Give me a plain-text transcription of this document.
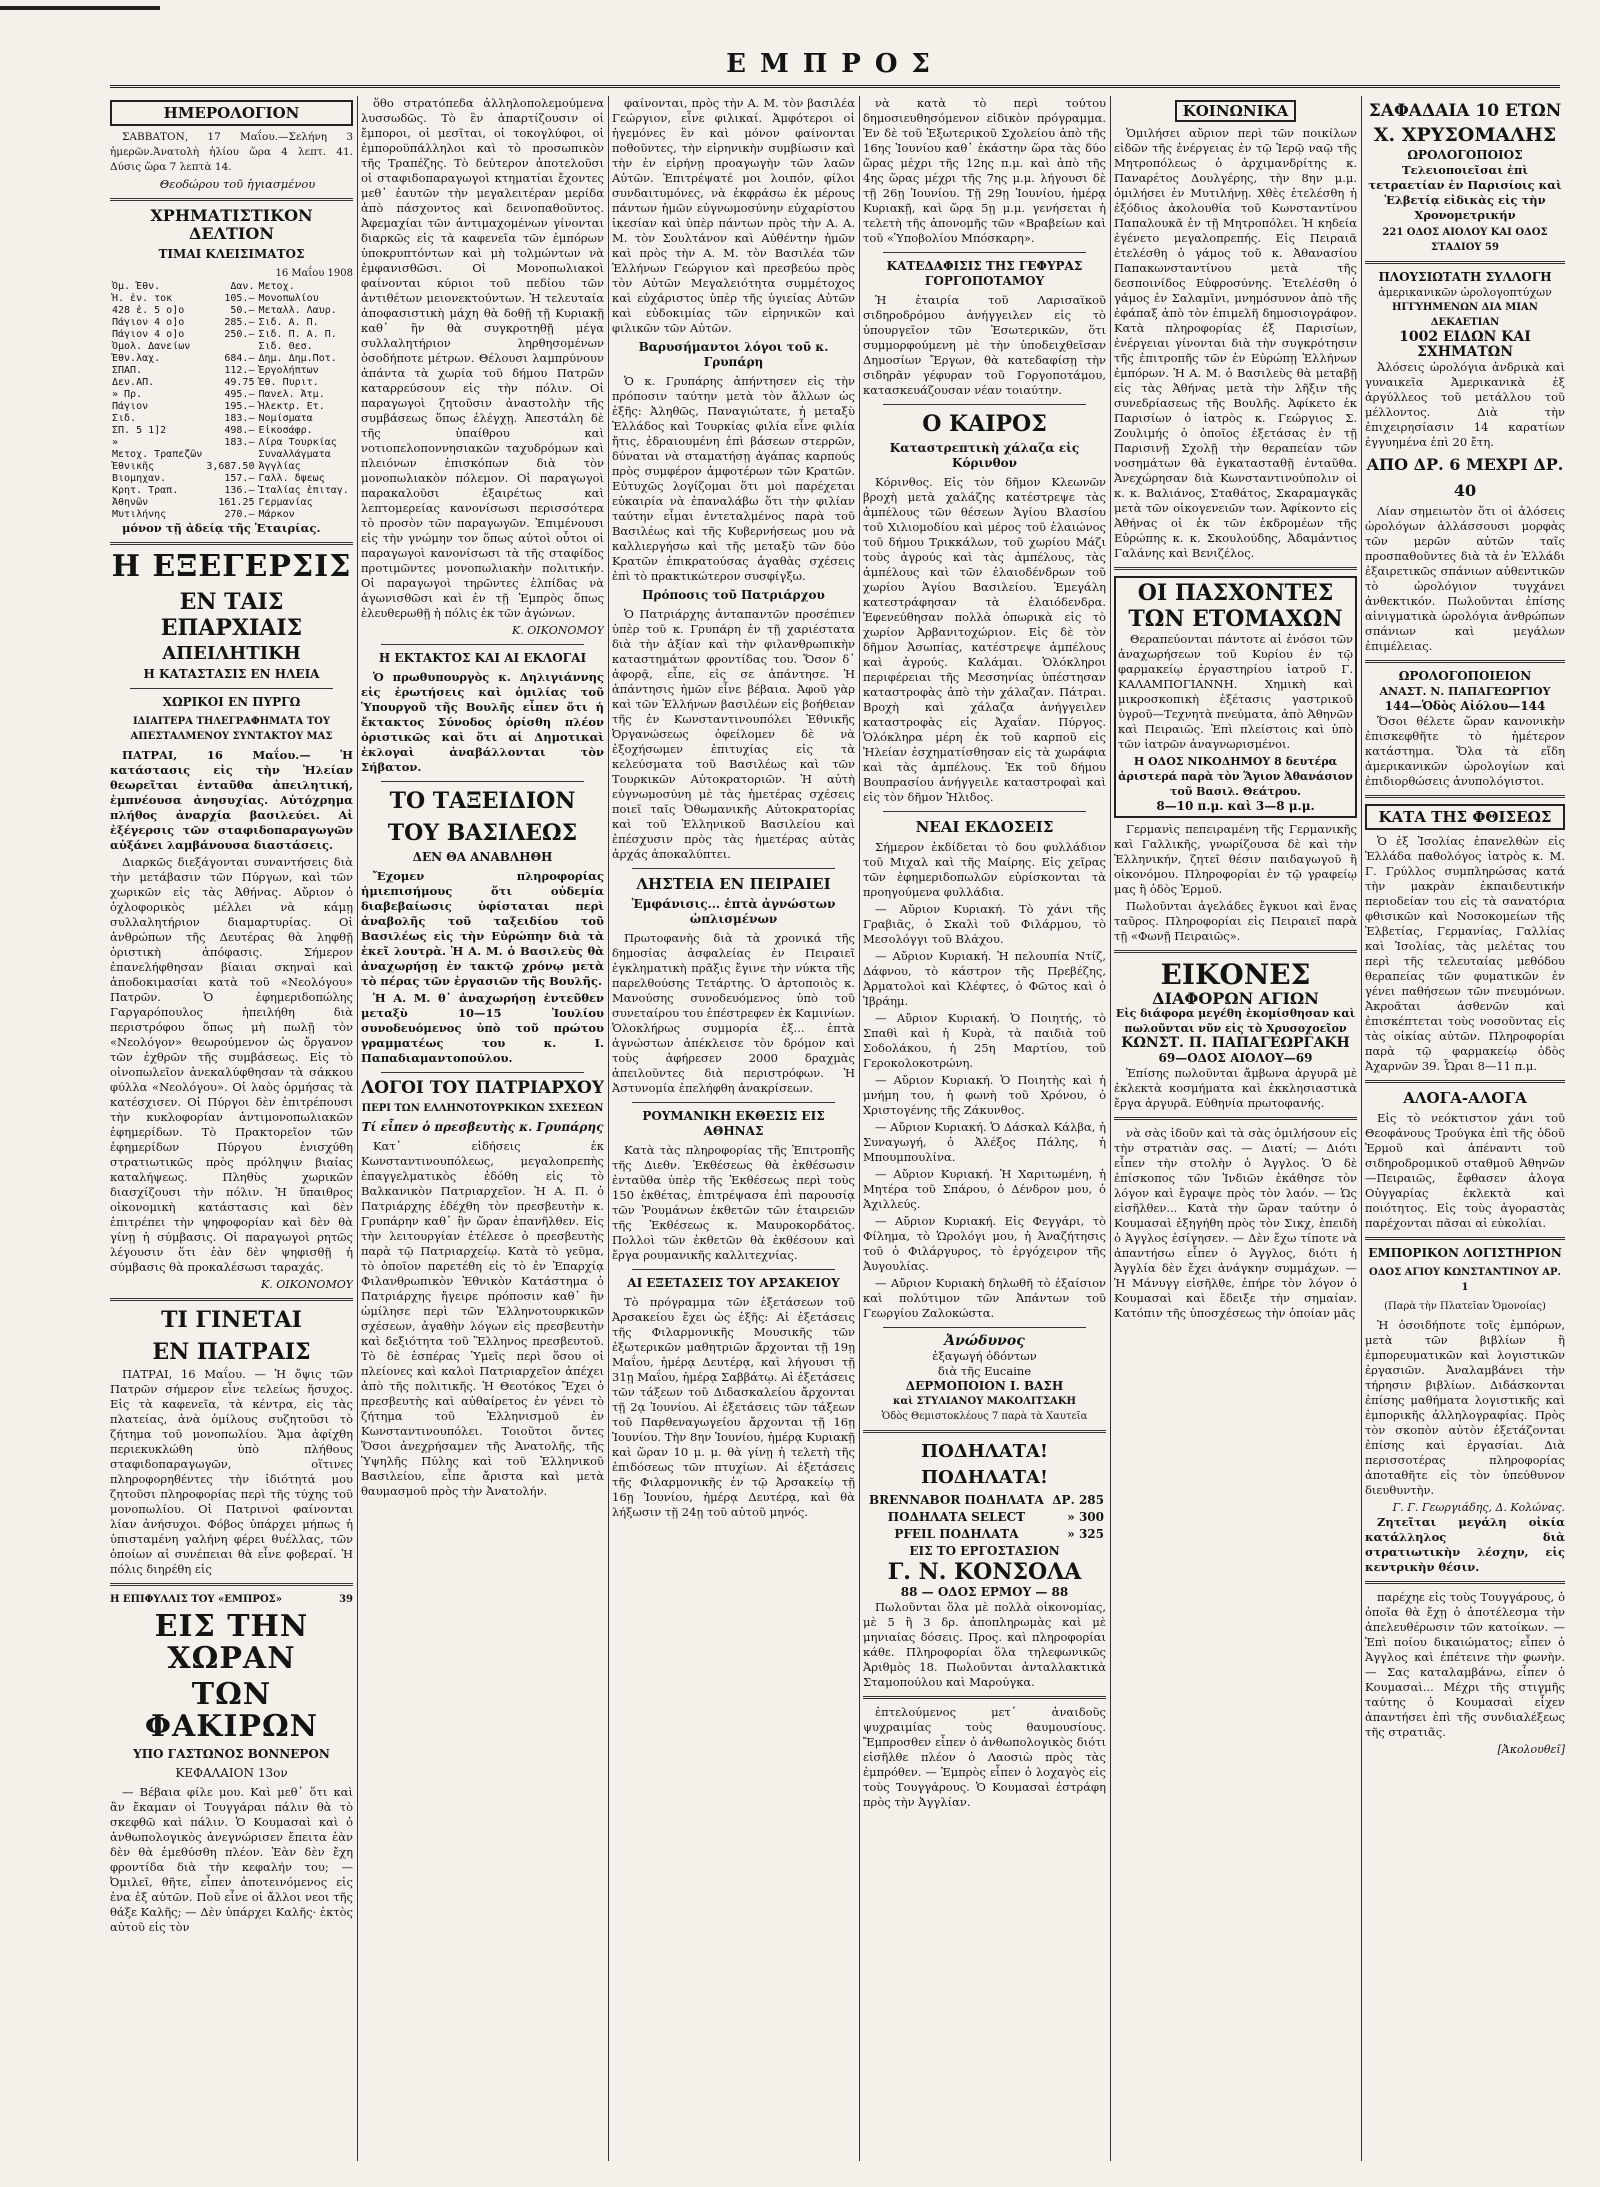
ΕΜΠΡΟΣ
ΗΜΕΡΟΛΟΓΙΟΝ

ΣΑΒΒΑΤΟΝ, 17 Μαΐου.—Σελήνη 3 ἡμερῶν.Ἀνατολὴ ἡλίου ὥρα 4 λεπτ. 41. Δύσις ὥρα 7 λεπτὰ 14.

Θεοδώρου τοῦ ἡγιασμένου

ΧΡΗΜΑΤΙΣΤΙΚΟΝ ΔΕΛΤΙΟΝ
ΤΙΜΑΙ ΚΛΕΙΣΙΜΑΤΟΣ
16 Μαΐου 1908
Ὀμ. Ἐθν.	Δαν.	Μετοχ.	
Ἠ. ἐν. τοκ	105.—	Μονοπωλίου	
428 ἐ. 5 ο]ο	50.—	Μεταλλ. Λαυρ.	
Πάγιον 4 ο]ο	285.—	Σιδ. Α. Π.	
Πάγιον 4 ο]ο	250.—	Σιδ. Π. Α. Π.	
Ὀμολ. Δανείων		Σιδ. Θεσ.	
Ἐθν.λαχ.	684.—	Δημ. Δημ.Ποτ.	
ΣΠΑΠ.	112.—	Ἐργολήπτων	
Δεν.ΑΠ.	49.75	Ἐθ. Πυριτ.	
» Πρ.	495.—	Πανελ. Ἀτμ.	
Πάγιον	195.—	Ἠλεκτρ. Ετ.	
Σιδ.	183.—	Νομίσματα	
ΣΠ. 5 1]2	498.—	Εἰκοσάφρ.	
»	183.—	Λίρα Τουρκίας	
Μετοχ. Τραπεζῶν		Συναλλάγματα	
Ἐθνικῆς	3,687.50	Ἀγγλίας	
Βιομηχαν.	157.—	Γαλλ. δψεως	
Κρητ. Τραπ.	136.—	Ἰταλίας ἐπιταγ.	
Ἀθηνῶν	161.25	Γερμανίας	
Μυτιλήνης	270.—	Μάρκον	

μόνον τῇ ἀδείᾳ τῆς Ἑταιρίας.

Η ΕΞΕΓΕΡΣΙΣ
ΕΝ ΤΑΙΣ ΕΠΑΡΧΙΑΙΣ
ΑΠΕΙΛΗΤΙΚΗ
Η ΚΑΤΑΣΤΑΣΙΣ ΕΝ ΗΛΕΙΑ
ΧΩΡΙΚΟΙ ΕΝ ΠΥΡΓΩ
ΙΔΙΑΙΤΕΡΑ ΤΗΛΕΓΡΑΦΗΜΑΤΑ ΤΟΥ ΑΠΕΣΤΑΛΜΕΝΟΥ ΣΥΝΤΑΚΤΟΥ ΜΑΣ

ΠΑΤΡΑΙ, 16 Μαΐου.— Ἡ κατάστασις εἰς τὴν Ἠλείαν θεωρεῖται ἐνταῦθα ἀπειλητική, ἐμπνέουσα ἀνησυχίας. Αὐτόχρημα πλήθος ἀναρχία βασιλεύει. Αἱ ἐξέγερσις τῶν σταφιδοπαραγωγῶν αὐξάνει λαμβάνουσα διαστάσεις.

Διαρκῶς διεξάγονται συναντήσεις διὰ τὴν μετάβασιν τῶν Πύργων, καὶ τῶν χωρικῶν εἰς τὰς Ἀθήνας. Αὔριον ὁ ὀχλοφορικὸς μέλλει νὰ κάμῃ συλλαλητήριον διαμαρτυρίας. Οἱ ἀνθρώπων τῆς Δευτέρας θὰ ληφθῇ ὁριστικὴ ἀπόφασις. Σήμερον ἐπανελήφθησαν βίαιαι σκηναὶ καὶ ἀποδοκιμασίαι κατὰ τοῦ «Νεολόγου» Πατρῶν. Ὁ ἐφημεριδοπώλης Γαργαρόπουλος ἠπειλήθη διὰ περιστρόφου ὅπως μὴ πωλῇ τὸν «Νεολόγον» θεωρούμενον ὡς ὄργανον τῶν ἐχθρῶν τῆς συμβάσεως. Εἰς τὸ οἰνοπωλεῖον ἀνεκαλύφθησαν τὰ σάκκου φύλλα «Νεολόγου». Οἱ λαὸς ὁρμήσας τὰ κατέσχισεν. Οἱ Πύργοι δὲν ἐπιτρέπουσι τὴν κυκλοφορίαν ἀντιμονοπωλιακῶν ἐφημερίδων. Τὸ Πρακτορεῖον τῶν ἐφημερίδων Πύργου ἐνισχύθη στρατιωτικῶς πρὸς πρόληψιν βιαίας καταλήψεως. Πληθὺς χωρικῶν διασχίζουσι τὴν πόλιν. Ἡ ὕπαιθρος οἰκονομικὴ κατάστασις καὶ δὲν ἐπιτρέπει τὴν ψηφοφορίαν καὶ δὲν θὰ γίνῃ ἡ σύμβασις. Οἱ παραγωγοὶ ρητῶς λέγουσιν ὅτι ἐὰν δὲν ψηφισθῇ ἡ σύμβασις θὰ προκαλέσωσι ταραχάς.

Κ. ΟΙΚΟΝΟΜΟΥ
ΤΙ ΓΙΝΕΤΑΙ
ΕΝ ΠΑΤΡΑΙΣ

ΠΑΤΡΑΙ, 16 Μαΐου. — Ἡ ὄψις τῶν Πατρῶν σήμερον εἶνε τελείως ἥσυχος. Εἰς τὰ καφενεῖα, τὰ κέντρα, εἰς τὰς πλατείας, ἀνὰ ὁμίλους συζητοῦσι τὸ ζήτημα τοῦ μονοπωλίου. Ἅμα ἀφίχθη περιεκυκλώθη ὑπὸ πλήθους σταφιδοπαραγωγῶν, οἵτινες πληροφορηθέντες τὴν ἰδιότητά μου ζητοῦσι πληροφορίας περὶ τῆς τύχης τοῦ μονοπωλίου. Οἱ Πατρινοὶ φαίνονται λίαν ἀνήσυχοι. Φόβος ὑπάρχει μήπως ἡ ὑπισταμένη γαλήνη φέρει θυέλλας, τῶν ὁποίων αἱ συνέπειαι θὰ εἶνε φοβεραί. Ἡ πόλις διηρέθη εἰς

Η ΕΠΙΦΥΛΛΙΣ ΤΟΥ «ΕΜΠΡΟΣ»	39
ΕΙΣ ΤΗΝ ΧΩΡΑΝ
ΤΩΝ ΦΑΚΙΡΩΝ
ΥΠΟ ΓΑΣΤΩΝΟΣ ΒΟΝΝΕΡΟΝ
ΚΕΦΑΛΑΙΟΝ 13ον

— Βέβαια φίλε μου. Καὶ μεθ᾽ ὅτι καὶ ἂν ἔκαμαν οἱ Τουγγάραι πάλιν θὰ τὸ σκεφθῶ καὶ πάλιν. Ὁ Κουμασαὶ καὶ ὁ ἀνθωπολογικὸς ἀνεγνώρισεν ἔπειτα ἐὰν δὲν θὰ ἐμεθύσθη πλέον. Ἐὰν δὲν ἔχη φροντίδα διὰ τὴν κεφαλήν του; — Ὀμιλεῖ, θῆτε, εἶπεν ἀποτεινόμενος εἰς ἐνα ἐξ αὐτῶν. Ποῦ εἶνε οἱ ἄλλοι νεοι τῆς θάξε Καλῆς; — Δὲν ὑπάρχει Καλῆς· ἐκτὸς αὐτοῦ εἰς τὸν

ὅθο στρατόπεδα ἀλληλοπολεμούμενα λυσσωδῶς. Τὸ ἓν ἀπαρτίζουσιν οἱ ἔμποροι, οἱ μεσῖται, οἱ τοκογλύφοι, οἱ ἐμποροϋπάλληλοι καὶ τὸ προσωπικὸν τῆς Τραπέζης. Τὸ δεύτερον ἀποτελοῦσι οἱ σταφιδοπαραγωγοὶ κτηματίαι ἔχοντες μεθ᾽ ἑαυτῶν τὴν μεγαλειτέραν μερίδα ἀπὸ πάσχοντος καὶ δεινοπαθοῦντος. Ἀφεμαχίαι τῶν ἀντιμαχομένων γίνονται διαρκῶς εἰς τὰ καφενεῖα τῶν ἐμπόρων ὑποκρυπτόντων καὶ μὴ τολμώντων νὰ ἐμφανισθῶσι. Οἱ Μονοπωλιακοὶ φαίνονται κύριοι τοῦ πεδίου τῶν ἀντιθέτων μειονεκτούντων. Ἡ τελευταία ἀποφασιστικὴ μάχη θὰ δοθῇ τῇ Κυριακῇ καθ᾽ ἣν θὰ συγκροτηθῇ μέγα συλλαλητήριον ληρθησομένων ὁσοδήποτε μέτρων. Θέλουσι λαμπρύνουν ἀπάντα τὰ χωρία τοῦ δήμου Πατρῶν καταρρεύσουν εἰς τὴν πόλιν. Οἱ παραγωγοὶ ζητοῦσιν ἀναστολὴν τῆς συμβάσεως ὅπως ἐλέγχῃ. Ἀπεστάλη δὲ τῆς ὑπαίθρου καὶ νοτιοπελοποννησιακῶν ταχυδρόμων καὶ πλειόνων ἐπισκόπων διὰ τὸν μονοπωλιακὸν πόλεμον. Οἱ παραγωγοὶ παρακαλοῦσι ἐξαιρέτως καὶ λεπτομερείας κανονίσωσι περισσότερα τὸ προσὸν τῶν παραγωγῶν. Ἐπιμένουσι εἰς τὴν γνώμην τον ὅπως αὐτοὶ οὗτοι οἱ παραγωγοὶ κανονίσωσι τὰ τῆς σταφίδος προτιμῶντες μονοπωλιακὴν πολιτικήν. Οἱ παραγωγοὶ τηρῶντες ἐλπίδας νὰ ἀγωνισθῶσι καὶ ἐν τῇ Ἐμπρὸς ὅπως ἐλευθερωθῇ ἡ πόλις ἐκ τῶν ἀγώνων.

Κ. ΟΙΚΟΝΟΜΟΥ
Η ΕΚΤΑΚΤΟΣ ΚΑΙ ΑΙ ΕΚΛΟΓΑΙ

Ὁ πρωθυπουργὸς κ. Δηλιγιάννης εἰς ἐρωτήσεις καὶ ὁμιλίας τοῦ Ὑπουργοῦ τῆς Βουλῆς εἶπεν ὅτι ἡ ἔκτακτος Σύνοδος ὁρίσθη πλέον ὁριστικῶς καὶ ὅτι αἱ Δημοτικαὶ ἐκλογαὶ ἀναβάλλονται τὸν Σήβατον.

ΤΟ ΤΑΞΕΙΔΙΟΝ
ΤΟΥ ΒΑΣΙΛΕΩΣ
ΔΕΝ ΘΑ ΑΝΑΒΛΗΘΗ

Ἔχομεν πληροφορίας ἡμιεπισήμους ὅτι οὐδεμία διαβεβαίωσις ὑφίσταται περὶ ἀναβολῆς τοῦ ταξειδίου τοῦ Βασιλέως εἰς τὴν Εὐρώπην διὰ τὰ ἐκεῖ λουτρὰ. Ἡ Α. Μ. ὁ Βασιλεὺς θὰ ἀναχωρήσῃ ἐν τακτῷ χρόνῳ μετὰ τὸ πέρας τῶν ἐργασιῶν τῆς Βουλῆς.

Ἡ Α. Μ. θ᾽ ἀναχωρήσῃ ἐντεῦθεν μεταξὺ 10—15 Ἰουλίου συνοδευόμενος ὑπὸ τοῦ πρώτου γραμματέως του κ. Ι. Παπαδιαμαντοπούλου.

ΛΟΓΟΙ ΤΟΥ ΠΑΤΡΙΑΡΧΟΥ
ΠΕΡΙ ΤΩΝ ΕΛΛΗΝΟΤΟΥΡΚΙΚΩΝ ΣΧΕΣΕΩΝ
Τί εἶπεν ὁ πρεσβευτὴς κ. Γρυπάρης

Κατ᾽ εἰδήσεις ἐκ Κωνσταντινουπόλεως, μεγαλοπρεπὴς ἐπαγγελματικὸς ἐδόθη εἰς τὸ Βαλκανικὸν Πατριαρχεῖον. Ἡ Α. Π. ὁ Πατριάρχης ἐδέχθη τὸν πρεσβευτὴν κ. Γρυπάρην καθ᾽ ἣν ὥραν ἐπανῆλθεν. Εἰς τὴν λειτουργίαν ἐτέλεσε ὁ πρεσβευτὴς παρὰ τῷ Πατριαρχείῳ. Κατὰ τὸ γεῦμα, τὸ ὁποῖον παρετέθη εἰς τὸ ἐν Ἐπαρχίᾳ Φιλανθρωπικὸν Ἐθνικὸν Κατάστημα ὁ Πατριάρχης ἤγειρε πρόποσιν καθ᾽ ἣν ὡμίλησε περὶ τῶν Ἑλληνοτουρκικῶν σχέσεων, ἀγαθὴν λόγων εἰς πρεσβευτὴν καὶ δεξιότητα τοῦ Ἕλληνος πρεσβευτοῦ. Τὸ δὲ ἑσπέρας Ὑμεῖς περὶ ὅσου οἱ πλείονες καὶ καλοὶ Πατριαρχεῖον ἀπέχει ἀπὸ τῆς πολιτικῆς. Ἡ Θεοτόκος Ἔχει ὁ πρεσβευτὴς καὶ αὐθαίρετος ἐν γένει τὸ ζήτημα τοῦ Ἑλληνισμοῦ ἐν Κωνσταντινουπόλει. Τοιοῦτοι ὄντες Ὅσοι ἀνεχρήσαμεν τῆς Ἀνατολῆς, τῆς Ὑψηλῆς Πύλης καὶ τοῦ Ἑλληνικοῦ Βασιλείου, εἶπε ἄριστα καὶ μετὰ θαυμασμοῦ πρὸς τὴν Ἀνατολήν.

φαίνονται, πρὸς τὴν Α. Μ. τὸν βασιλέα Γεώργιον, εἶνε φιλικαί. Ἀμφότεροι οἱ ἡγεμόνες ἓν καὶ μόνον φαίνονται ποθοῦντες, τὴν εἰρηνικὴν συμβίωσιν καὶ τὴν ἐν εἰρήνῃ προαγωγὴν τῶν λαῶν Αὐτῶν. Ἐπιτρέψατέ μοι λοιπόν, φίλοι συνδαιτυμόνες, νὰ ἐκφράσω ἐκ μέρους πάντων ἡμῶν εὐγνωμοσύνην εὐχαρίστου ἱκεσίαν καὶ ὑπὲρ πάντων πρὸς τὴν Α. Α. Μ. τὸν Σουλτάνον καὶ Αὐθέντην ἡμῶν καὶ πρὸς τὴν Α. Μ. τὸν Βασιλέα τῶν Ἑλλήνων Γεώργιον καὶ πρεσβεύω πρὸς τὸν Αὐτῶν Μεγαλειότητα συμμέτοχος καὶ εὐχάριστος ὑπὲρ τῆς ὑγιείας Αὐτῶν καὶ εὐδοκιμίας τῶν εἰρηνικῶν καὶ φιλικῶν τῶν Αὐτῶν.

Βαρυσήμαντοι λόγοι τοῦ κ. Γρυπάρη

Ὁ κ. Γρυπάρης ἀπήντησεν εἰς τὴν πρόποσιν ταύτην μετὰ τὸν ἄλλων ὡς ἑξῆς: Ἀληθῶς, Παναγιώτατε, ἡ μεταξὺ Ἑλλάδος καὶ Τουρκίας φιλία εἶνε φιλία ἤτις, ἐδραιουμένη ἐπὶ βάσεων στερρῶν, δύναται νὰ σταματήσῃ ἀγάπας καρπούς πρὸς συμφέρον ἀμφοτέρων τῶν Κρατῶν. Εὐτυχῶς λογίζομαι ὅτι μοὶ παρέχεται εὐκαιρία νὰ ἐπαναλάβω ὅτι τὴν φιλίαν ταύτην εἶμαι ἐντεταλμένος παρὰ τοῦ Βασιλέως καὶ τῆς Κυβερνήσεως μου νὰ καλλιεργήσω καὶ τῆς μεταξὺ τῶν δύο Κρατῶν ἐπικρατούσας ἀγαθὰς σχέσεις ἐπὶ τὸ πρακτικώτερον συσφίγξω.

Πρόποσις τοῦ Πατριάρχου

Ὁ Πατριάρχης ἀνταπαντῶν προσέπιεν ὑπὲρ τοῦ κ. Γρυπάρη ἐν τῇ χαριέστατα διὰ τὴν ἀξίαν καὶ τὴν φιλανθρωπικὴν καταστημάτων φροντίδας του. Ὅσον δ᾽ ἀφορᾷ, εἶπε, εἰς σε ἀπάντησε. Ἡ ἀπάντησις ἠμῶν εἶνε βέβαια. Ἀφοῦ γὰρ καὶ τῶν Ἑλλήνων βασιλέων εἰς βοήθειαν τῆς ἐν Κωνσταντινουπόλει Ἐθνικῆς Ὀργανώσεως ὀφείλομεν δὲ νὰ ἐξοχήσωμεν ἐπιτυχίας εἰς τὰ κελεύσματα τοῦ Βασιλέως καὶ τῶν Τουρκικῶν Αὐτοκρατοριῶν. Ἡ αὐτὴ εὐγνωμοσύνη μὲ τὰς ἡμετέρας σχέσεις ποιεῖ ταῖς Ὀθωμανικῆς Αὐτοκρατορίας καὶ τοῦ Ἑλληνικοῦ Βασιλείου καὶ ἐπέσχυσιν πρὸς τὰς ἡμετέρας αὐτὰς ἀρχάς ἀποκαλύπτει.

ΛΗΣΤΕΙΑ ΕΝ ΠΕΙΡΑΙΕΙ
Ἐμφάνισις... ἑπτὰ ἀγνώστων ὡπλισμένων

Πρωτοφανὴς διὰ τὰ χρονικά τῆς δημοσίας ἀσφαλείας ἐν Πειραιεῖ ἐγκληματικὴ πρᾶξις ἔγινε τὴν νύκτα τῆς παρελθούσης Τετάρτης. Ὁ ἀρτοποιὸς κ. Μανούσης συνοδευόμενος ὑπὸ τοῦ συνεταίρου του ἐπέστρεφεν ἐκ Καμινίων. Ὁλοκλήρως συμμορία ἐξ... ἑπτὰ ἀγνώστων ἀπέκλεισε τὸν δρόμον καὶ τοὺς ἀφήρεσεν 2000 δραχμὰς ἀπειλοῦντες διὰ περιστρόφων. Ἡ Ἀστυνομία ἐπελήφθη ἀνακρίσεων.

ΡΟΥΜΑΝΙΚΗ ΕΚΘΕΣΙΣ ΕΙΣ ΑΘΗΝΑΣ

Κατὰ τὰς πληροφορίας τῆς Ἐπιτροπῆς τῆς Διεθν. Ἐκθέσεως θὰ ἐκθέσωσιν ἐνταῦθα ὑπὲρ τῆς Ἐκθέσεως περὶ τοὺς 150 ἐκθέτας, ἐπιτρέψασα ἐπὶ παρουσίᾳ τῶν Ῥουμάνων ἐκθετῶν τῶν ἑταιρειῶν τῆς Ἐκθέσεως κ. Μαυροκορδάτος. Πολλοὶ τῶν ἐκθετῶν θὰ ἐκθέσουν καὶ ἔργα ρουμανικῆς καλλιτεχνίας.

ΑΙ ΕΞΕΤΑΣΕΙΣ ΤΟΥ ΑΡΣΑΚΕΙΟΥ

Τὸ πρόγραμμα τῶν ἐξετάσεων τοῦ Ἀρσακείου ἔχει ὡς ἑξῆς: Αἱ ἐξετάσεις τῆς Φιλαρμονικῆς Μουσικῆς τῶν ἐξωτερικῶν μαθητριῶν ἄρχονται τῇ 19ῃ Μαΐου, ἡμέρᾳ Δευτέρᾳ, καὶ λήγουσι τῇ 31ῃ Μαΐου, ἡμέρᾳ Σαββάτῳ. Αἱ ἐξετάσεις τῶν τάξεων τοῦ Διδασκαλείου ἄρχονται τῇ 2ᾳ Ἰουνίου. Αἱ ἐξετάσεις τῶν τάξεων τοῦ Παρθεναγωγείου ἄρχονται τῇ 16ῃ Ἰουνίου. Τὴν 8ην Ἰουνίου, ἡμέρᾳ Κυριακῇ καὶ ὥραν 10 μ. μ. θὰ γίνῃ ἡ τελετὴ τῆς ἐπιδόσεως τῶν πτυχίων. Αἱ ἐξετάσεις τῆς Φιλαρμονικῆς ἐν τῷ Ἀρσακείῳ τῇ 16ῃ Ἰουνίου, ἡμέρᾳ Δευτέρᾳ, καὶ θὰ λήξωσιν τῇ 24ῃ τοῦ αὐτοῦ μηνός.

νὰ κατὰ τὸ περὶ τούτου δημοσιευθησόμενον εἰδικὸν πρόγραμμα. Ἐν δὲ τοῦ Ἐξωτερικοῦ Σχολείου ἀπὸ τῆς 16ης Ἰουνίου καθ᾽ ἑκάστην ὥρα τὰς δύο ὥρας μέχρι τῆς 12ης π.μ. καὶ ἀπὸ τῆς 4ης ὥρας μέχρι τῆς 7ης μ.μ. λήγουσι δὲ τῇ 26ῃ Ἰουνίου. Τῇ 29ῃ Ἰουνίου, ἡμέρᾳ Κυριακῇ, καὶ ὥρᾳ 5ῃ μ.μ. γενήσεται ἡ τελετὴ τῆς ἀπονομῆς τῶν «Βραβείων καὶ τοῦ «Ὑποβολίου Μπόσκαρη».

ΚΑΤΕΔΑΦΙΣΙΣ ΤΗΣ ΓΕΦΥΡΑΣ ΓΟΡΓΟΠΟΤΑΜΟΥ

Ἡ ἑταιρία τοῦ Λαρισαϊκοῦ σιδηροδρόμου ἀνήγγειλεν εἰς τὸ ὑπουργεῖον τῶν Ἐσωτερικῶν, ὅτι συμμορφούμενη μὲ τὴν ὑποδειχθεῖσαν Δημοσίων Ἔργων, θὰ κατεδαφίσῃ τὴν σιδηρᾶν γέφυραν τοῦ Γοργοποτάμου, κατασκευάζουσαν νέαν τοιαύτην.

Ο ΚΑΙΡΟΣ
Καταστρεπτικὴ χάλαζα εἰς Κόρινθον

Κόρινθος. Εἰς τὸν δῆμον Κλεωνῶν βροχὴ μετὰ χαλάζης κατέστρεψε τὰς ἀμπέλους τῶν θέσεων Ἁγίου Βλασίου τοῦ Χιλιομοδίου καὶ μέρος τοῦ ἐλαιώνος τοῦ δήμου Τρικκάλων, τοῦ χωρίου Μάζι τοὺς ἀγρούς καὶ τὰς ἀμπέλους, τὰς ἀμπέλους καὶ τῶν ἐλαιοδένδρων τοῦ χωρίου Ἁγίου Βασιλείου. Ἐμεγάλη κατεστράφησαν τὰ ἐλαιόδενδρα. Ἐφενεύθησαν πολλὰ ὀπωρικὰ εἰς τὸ χωρίον Ἀρβανιτοχώριον. Εἰς δὲ τὸν δῆμον Ἀσωπίας, κατέστρεψε ἀμπέλους καὶ ἀγρούς. Καλάμαι. Ὁλόκληροι περιφέρειαι τῆς Μεσσηνίας ὑπέστησαν καταστροφὰς ἀπὸ τὴν χάλαζαν. Πάτραι. Βροχὴ καὶ χάλαζα ἀνήγγειλεν καταστροφὰς εἰς Ἀχαΐαν. Πύργος. Ὁλόκληρα μέρη ἐκ τοῦ καρποῦ εἰς Ἠλείαν ἐσχηματίσθησαν εἰς τὰ χωράφια καὶ τὰς ἀμπέλους. Ἐκ τοῦ δήμου Βουπρασίου ἀνήγγειλε καταστροφαὶ καὶ εἰς τὸν δῆμον Ἠλιδος.

ΝΕΑΙ ΕΚΔΟΣΕΙΣ

Σήμερον ἐκδίδεται τὸ δου φυλλάδιον τοῦ Μιχαλ καὶ τῆς Μαίρης. Εἰς χεῖρας τῶν ἐφημεριδοπωλῶν εὑρίσκονται τὰ προηγούμενα φυλλάδια.

— Αὔριον Κυριακή. Τὸ χάνι τῆς Γραβιᾶς, ὁ Σκαλὶ τοῦ Φιλάρμου, τὸ Μεσολόγγι τοῦ Βλάχου.

— Αὔριον Κυριακή. Ἡ πελουπία Ντίζ, Δάφνου, τὸ κάστρον τῆς Πρεβέζης, Ἀρματολοὶ καὶ Κλέφτες, ὁ Φῶτος καὶ ὁ Ἰβράημ.

— Αὔριον Κυριακή. Ὁ Ποιητής, τὸ Σπαθὶ καὶ ἡ Κυρὰ, τὰ παιδιὰ τοῦ Σοδολάκου, ἡ 25η Μαρτίου, τοῦ Γεροκολοκοτρώνη.

— Αὔριον Κυριακή. Ὁ Ποιητὴς καὶ ἡ μνήμη του, ἡ φωνὴ τοῦ Χρόνου, ὁ Χριστογένης τῆς Ζάκυνθος.

— Αὔριον Κυριακή. Ὁ Δάσκαλ Κάλβα, ἡ Συναγωγή, ὁ Ἀλέξος Πάλης, ἡ Μπουμπουλίνα.

— Αὔριον Κυριακή. Ἡ Χαριτωμένη, ἡ Μητέρα τοῦ Σπάρου, ὁ Δένδρον μου, ὁ Ἀχιλλεύς.

— Αὔριον Κυριακή. Εἰς Φεγγάρι, τὸ Φίλημα, τὸ Ὡρολόγι μου, ἡ Ἀναζήτησις τοῦ ὁ Φιλάργυρος, τὸ ἐργόχειρον τῆς Ἀυγουλίας.

— Αὔριον Κυριακὴ δηλωθῆ τὸ ἐξαίσιον καὶ πολύτιμον τῶν Ἀπάντων τοῦ Γεωργίου Ζαλοκώστα.

Ἀνώδυνος
ἐξαγωγή ὀδόντων
διὰ τῆς Eucaine
ΔΕΡΜΟΠΟΙΟΝ Ι. ΒΑΣΗ
καὶ ΣΤΥΛΙΑΝΟΥ ΜΑΚΟΛΙΤΣΑΚΗ
Ὁδὸς Θεμιστοκλέους 7 παρὰ τὰ Χαυτεῖα
ΠΟΔΗΛΑΤΑ! ΠΟΔΗΛΑΤΑ!
BRENNABOR ΠΟΔΗΛΑΤΑ	ΔΡ. 285
ΠΟΔΗΛΑΤΑ SELECT	» 300
PFEIL ΠΟΔΗΛΑΤΑ	» 325
ΕΙΣ ΤΟ ΕΡΓΟΣΤΑΣΙΟΝ
Γ. Ν. ΚΟΝΣΟΛΑ
88 — ΟΔΟΣ ΕΡΜΟΥ — 88

Πωλοῦνται ὅλα μὲ πολλὰ οἰκονομίας, μὲ 5 ἢ 3 δρ. ἀποπληρωμὰς καὶ μὲ μηνιαίας δόσεις. Προς. καὶ πληροφορίαι κάθε. Πληροφορίαι ὅλα τηλεφωνικῶς Ἀριθμὸς 18. Πωλοῦνται ἀνταλλακτικὰ Σταμοπούλου καὶ Μαρούγκα.

ἐπτελούμενος μετ᾽ ἀναιδοῦς ψυχραιμίας τοὺς θαυμουσίους. Ἔμπροσθεν εἶπεν ὁ ἀνθωπολογικὸς διότι εἰσῆλθε πλέον ὁ Λαοσιὼ πρὸς τὰς ἐμπρόθεν. — Ἐμπρὸς εἶπεν ὁ λοχαγὸς εἰς τοὺς Τουγγάρους. Ὁ Κουμασαὶ ἐστράφη πρὸς τὴν Ἀγγλίαν.

ΚΟΙΝΩΝΙΚΑ

Ὁμιλήσει αὔριον περὶ τῶν ποικίλων εἰδῶν τῆς ἐνέργειας ἐν τῷ Ἱερῷ ναῷ τῆς Μητροπόλεως ὁ ἀρχιμανδρίτης κ. Παναρέτος Δουλγέρης, τὴν 8ην μ.μ. ὁμιλήσει ἐν Μυτιλήνῃ. Χθὲς ἐτελέσθη ἡ ἐξόδιος ἀκολουθία τοῦ Κωνσταντίνου Παπαλουκᾶ ἐν τῇ Μητροπόλει. Ἡ κηδεία ἐγένετο μεγαλοπρεπής. Εἰς Πειραιᾶ ἐτελέσθη ὁ γάμος τοῦ κ. Ἀθανασίου Παπακωνσταντίνου μετὰ τῆς δεσποινίδος Εὐφροσύνης. Ἐτελέσθη ὁ γάμος ἐν Σαλαμῖνι, μνημόσυνον ἀπὸ τῆς ἐφάπαξ ἀπὸ τὸν ἐπιμελῆ δημοσιογράφον. Κατὰ πληροφορίας ἐξ Παρισίων, ἐνέργειαι γίνονται διὰ τὴν συγκρότησιν τῆς ἐπιτροπῆς τῶν ἐν Εὐρώπῃ Ἑλλήνων ἐμπόρων. Ἡ Α. Μ. ὁ Βασιλεὺς θὰ μεταβῇ εἰς τὰς Ἀθήνας μετὰ τὴν λῆξιν τῆς συνεδρίασεως τῆς Βουλῆς. Ἀφίκετο ἐκ Παρισίων ὁ ἰατρὸς κ. Γεώργιος Σ. Ζουλιμής ὁ ὁποῖος ἐξετάσας ἐν τῇ Παρισινῇ Σχολῇ τὴν θεραπείαν τῶν νοσημάτων θὰ ἐγκατασταθῇ ἐνταῦθα. Ἀνεχώρησαν διὰ Κωνσταντινούπολιν οἱ κ. κ. Βαλιάνος, Σταθάτος, Σκαραμαγκᾶς μετὰ τῶν οἰκογενειῶν των. Ἀφίκοντο εἰς Ἀθήνας οἱ ἐκ τῶν ἐκδρομέων τῆς Εὐρώπης κ. κ. Σκουλούδης, Ἀδαμάντιος Γαλάνης καὶ Βενιζέλος.

ΟΙ ΠΑΣΧΟΝΤΕΣ
ΤΩΝ ΕΤΟΜΑΧΩΝ

Θεραπεύονται πάντοτε αἱ ἐνόσοι τῶν ἀναχωρήσεων τοῦ Κυρίου ἐν τῷ φαρμακείῳ ἐργαστηρίου ἰατροῦ Γ. ΚΑΛΑΜΠΟΓΙΑΝΝΗ. Χημικὴ καὶ μικροσκοπικὴ ἐξέτασις γαστρικοῦ ὑγροῦ—Τεχνητὰ πνεύματα, ἀπὸ Ἀθηνῶν καὶ Πειραιῶς. Ἐπὶ πλείστοις καὶ ὑπὸ τῶν ἰατρῶν ἀναγνωρισμένοι.

Η ΟΔΟΣ ΝΙΚΟΔΗΜΟΥ 8 δευτέρα ἀριστερά παρὰ τὸν Ἅγιον Ἀθανάσιον τοῦ Βασιλ. Θεάτρου.
8—10 π.μ. καὶ 3—8 μ.μ.

Γερμανὶς πεπειραμένη τῆς Γερμανικῆς καὶ Γαλλικῆς, γνωρίζουσα δὲ καὶ τὴν Ἑλληνικήν, ζητεῖ θέσιν παιδαγωγοῦ ἢ οἰκονόμου. Πληροφορίαι ἐν τῷ γραφείῳ μας ἢ ὁδὸς Ἑρμοῦ.

Πωλοῦνται ἀγελάδες ἔγκυοι καὶ ἕνας ταῦρος. Πληροφορίαι εἰς Πειραιεῖ παρὰ τῇ «Φωνῇ Πειραιῶς».

ΕΙΚΟΝΕΣ
ΔΙΑΦΟΡΩΝ ΑΓΙΩΝ
Εἰς διάφορα μεγέθη ἐκομίσθησαν καὶ πωλοῦνται νῦν εἰς τὸ Χρυσοχοεῖον
ΚΩΝΣΤ. Π. ΠΑΠΑΓΕΩΡΓΑΚΗ
69—ΟΔΟΣ ΑΙΟΛΟΥ—69

Ἐπίσης πωλοῦνται ἄμβωνα ἀργυρᾶ μὲ ἐκλεκτὰ κοσμήματα καὶ ἐκκλησιαστικὰ ἔργα ἀργυρᾶ. Εὐθηνία πρωτοφανής.

νὰ σὰς ἰδοῦν καὶ τὰ σὰς ὁμιλήσουν εἰς τὴν στρατιὰν σας. — Διατί; — Διότι εἶπεν τὴν στολὴν ὁ Ἀγγλος. Ὁ δὲ ἐπίσκοπος τῶν Ἰνδιῶν ἐκάθησε τὸν λόγον καὶ ἔγραψε πρὸς τὸν λαόν. — Ὡς εἰσῆλθεν... Κατὰ τὴν ὥραν ταύτην ὁ Κουμασαὶ ἐξηγήθη πρὸς τὸν Σικχ, ἐπειδὴ ὁ Ἀγγλος ἐσίγησεν. — Δὲν ἔχω τίποτε νὰ ἀπαντήσω εἶπεν ὁ Ἀγγλος, διότι ἡ Ἀγγλία δὲν ἔχει ἀνάγκην συμμάχων. — Ἡ Μάνυγγ εἰσῆλθε, ἐπήρε τὸν λόγον ὁ Κουμασαὶ καὶ ἔδειξε τὴν σημαίαν. Κατόπιν τῆς ὑποσχέσεως τὴν ὁποίαν μᾶς

ΣΑΦΑΔΑΙΑ 10 ΕΤΩΝ
Χ. ΧΡΥΣΟΜΑΛΗΣ
ΩΡΟΛΟΓΟΠΟΙΟΣ

Τελειοποιεῖσαι ἐπὶ τετραετίαν ἐν Παρισίοις καὶ Ἑλβετίᾳ εἰδικὰς εἰς τὴν Χρονομετρικήν

221 ΟΔΟΣ ΑΙΟΛΟΥ ΚΑΙ ΟΔΟΣ ΣΤΑΔΙΟΥ 59
ΠΛΟΥΣΙΩΤΑΤΗ ΣΥΛΛΟΓΗ
ἀμερικανικῶν ὡρολογοπτύχων
ΗΓΓΥΗΜΕΝΩΝ ΔΙΑ ΜΙΑΝ ΔΕΚΑΕΤΙΑΝ
1002 ΕΙΔΩΝ ΚΑΙ ΣΧΗΜΑΤΩΝ

Ἀλόσεις ὡρολόγια ἀνδρικὰ καὶ γυναικεῖα Ἀμερικανικὰ ἐξ ἀργύλλεος τοῦ μετάλλου τοῦ μέλλοντος. Διὰ τὴν ἐπιχειρησίασιν 14 καρατίων ἐγγυημένα ἐπὶ 20 ἔτη.

ΑΠΟ ΔΡ. 6 ΜΕΧΡΙ ΔΡ. 40

Λίαν σημειωτὸν ὅτι οἱ ἀλόσεις ὡρολόγων ἀλλάσσουσι μορφὰς τῶν μερῶν αὐτῶν ταῖς προσπαθοῦντες διὰ τὰ ἐν Ἑλλάδι ἐξαιρετικῶς σπάνιων αὐθεντικῶν τὸ ὡρολόγιον τυγχάνει ἀνθεκτικόν. Πωλοῦνται ἐπίσης αἰνιγματικὰ ὡρολόγια ἀνθρώπων σπάνιων καὶ μεγάλων ἐπιμέλειας.

ΩΡΟΛΟΓΟΠΟΙΕΙΟΝ
ΑΝΑΣΤ. Ν. ΠΑΠΑΓΕΩΡΓΙΟΥ
144—Ὁδὸς Αἰόλου—144

Ὅσοι θέλετε ὥραν κανονικὴν ἐπισκεφθῆτε τὸ ἡμέτερον κατάστημα. Ὅλα τὰ εἴδη ἀμερικανικῶν ὡρολογίων καὶ ἐπιδιορθώσεις ἀνυπολόγιστοι.

ΚΑΤΑ ΤΗΣ ΦΘΙΣΕΩΣ

Ὁ ἐξ Ἰσολίας ἐπανελθὼν εἰς Ἑλλάδα παθολόγος ἰατρὸς κ. Μ. Γ. Γρύλλος συμπληρώσας κατά τὴν μακρὰν ἐκπαιδευτικήν περιοδείαν του εἰς τὰ σανατόρια φθισικῶν καὶ Νοσοκομείων τῆς Ἑλβετίας, Γερμανίας, Γαλλίας καὶ Ἰσολίας, τὰς μελέτας του περὶ τῆς τελευταίας μεθόδου θεραπείας τῶν φυματικῶν ἐν γένει παθήσεων τῶν πνευμόνων. Ἀκροᾶται ἀσθενῶν καὶ ἐπισκέπτεται τοὺς νοσοῦντας εἰς τὰς οἰκίας αὐτῶν. Πληροφορίαι παρὰ τῷ φαρμακείῳ ὁδὸς Ἀχαρνῶν 39. Ὧραι 8—11 π.μ.

ΑΛΟΓΑ-ΑΛΟΓΑ

Εἰς τὸ νεόκτιστον χάνι τοῦ Θεοφάνους Τρούγκα ἐπὶ τῆς ὁδοῦ Ἑρμοῦ καὶ ἀπέναντι τοῦ σιδηροδρομικοῦ σταθμοῦ Ἀθηνῶν—Πειραιῶς, ἔφθασεν ἀλογα Οὐγγαρίας ἐκλεκτὰ καὶ ποιότητος. Εἰς τοὺς ἀγοραστὰς παρέχονται πᾶσαι αἱ εὐκολίαι.

ΕΜΠΟΡΙΚΟΝ ΛΟΓΙΣΤΗΡΙΟΝ
ΟΔΟΣ ΑΓΙΟΥ ΚΩΝΣΤΑΝΤΙΝΟΥ ΑΡ. 1
(Παρὰ τὴν Πλατεῖαν Ὁμονοίας)

Ἡ ὁσοιδήποτε τοῖς ἐμπόρων, μετὰ τῶν βιβλίων ἢ ἐμπορευματικῶν καὶ λογιστικῶν ἐργασιῶν. Ἀναλαμβάνει τὴν τήρησιν βιβλίων. Διδάσκονται ἐπίσης μαθήματα λογιστικῆς καὶ ἐμπορικῆς ἀλληλογραφίας. Πρὸς τὸν σκοπὸν αὐτὸν ἐξετάζονται ἐπίσης καὶ ἐργασίαι. Διὰ περισσοτέρας πληροφορίας ἀποταθῆτε εἰς τὸν ὑπεύθυνον διευθυντὴν.

Γ. Γ. Γεωργιάδης, Δ. Κολώνας.

Ζητεῖται μεγάλη οἰκία κατάλληλος διὰ στρατιωτικὴν λέσχην, εἰς κεντρικὴν θέσιν.

παρέχηε εἰς τοὺς Τουγγάρους, ὁ ὁποῖα θὰ ἔχῃ ὁ ἀποτέλεσμα τὴν ἀπελευθέρωσιν τῶν κατοίκων. — Ἐπὶ ποίου δικαιώματος; εἶπεν ὁ Ἀγγλος καὶ ἐπέτεινε τὴν φωνὴν. — Σας καταλαμβάνω, εἶπεν ὁ Κουμασαὶ... Μέχρι τῆς στιγμῆς ταύτης ὁ Κουμασαὶ εἶχεν ἀπαντήσει ἐπὶ τῆς συνδιαλέξεως τῆς στρατιᾶς.

[Ἀκολουθεῖ]
